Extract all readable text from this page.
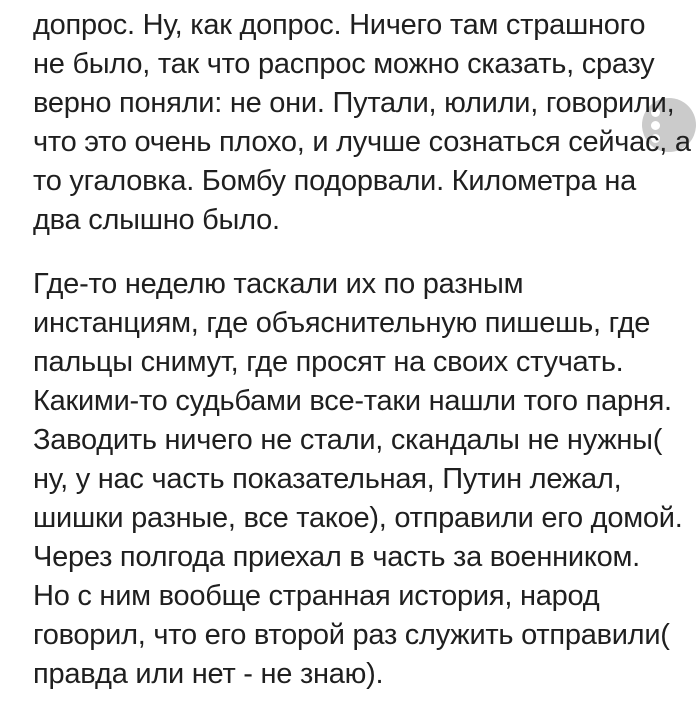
допрос. Ну, как допрос. Ничего там страшного
не было, так что распрос можно сказать, сразу
верно поняли: не они. Путали, юлили, говорили,
что это очень плохо, и лучше сознаться сейчас, а
то угаловка. Бомбу подорвали. Километра на
два слышно было.

Где-то неделю таскали их по разным
инстанциям, где объяснительную пишешь, где
пальцы снимут, где просят на своих стучать.
Какими-то судьбами все-таки нашли того парня.
Заводить ничего не стали, скандалы не нужны(
ну, у нас часть показательная, Путин лежал,
шишки разные, все такое), отправили его домой.
Через полгода приехал в часть за военником.
Но с ним вообще странная история, народ
говорил, что его второй раз служить отправили(
правда или нет - не знаю).
